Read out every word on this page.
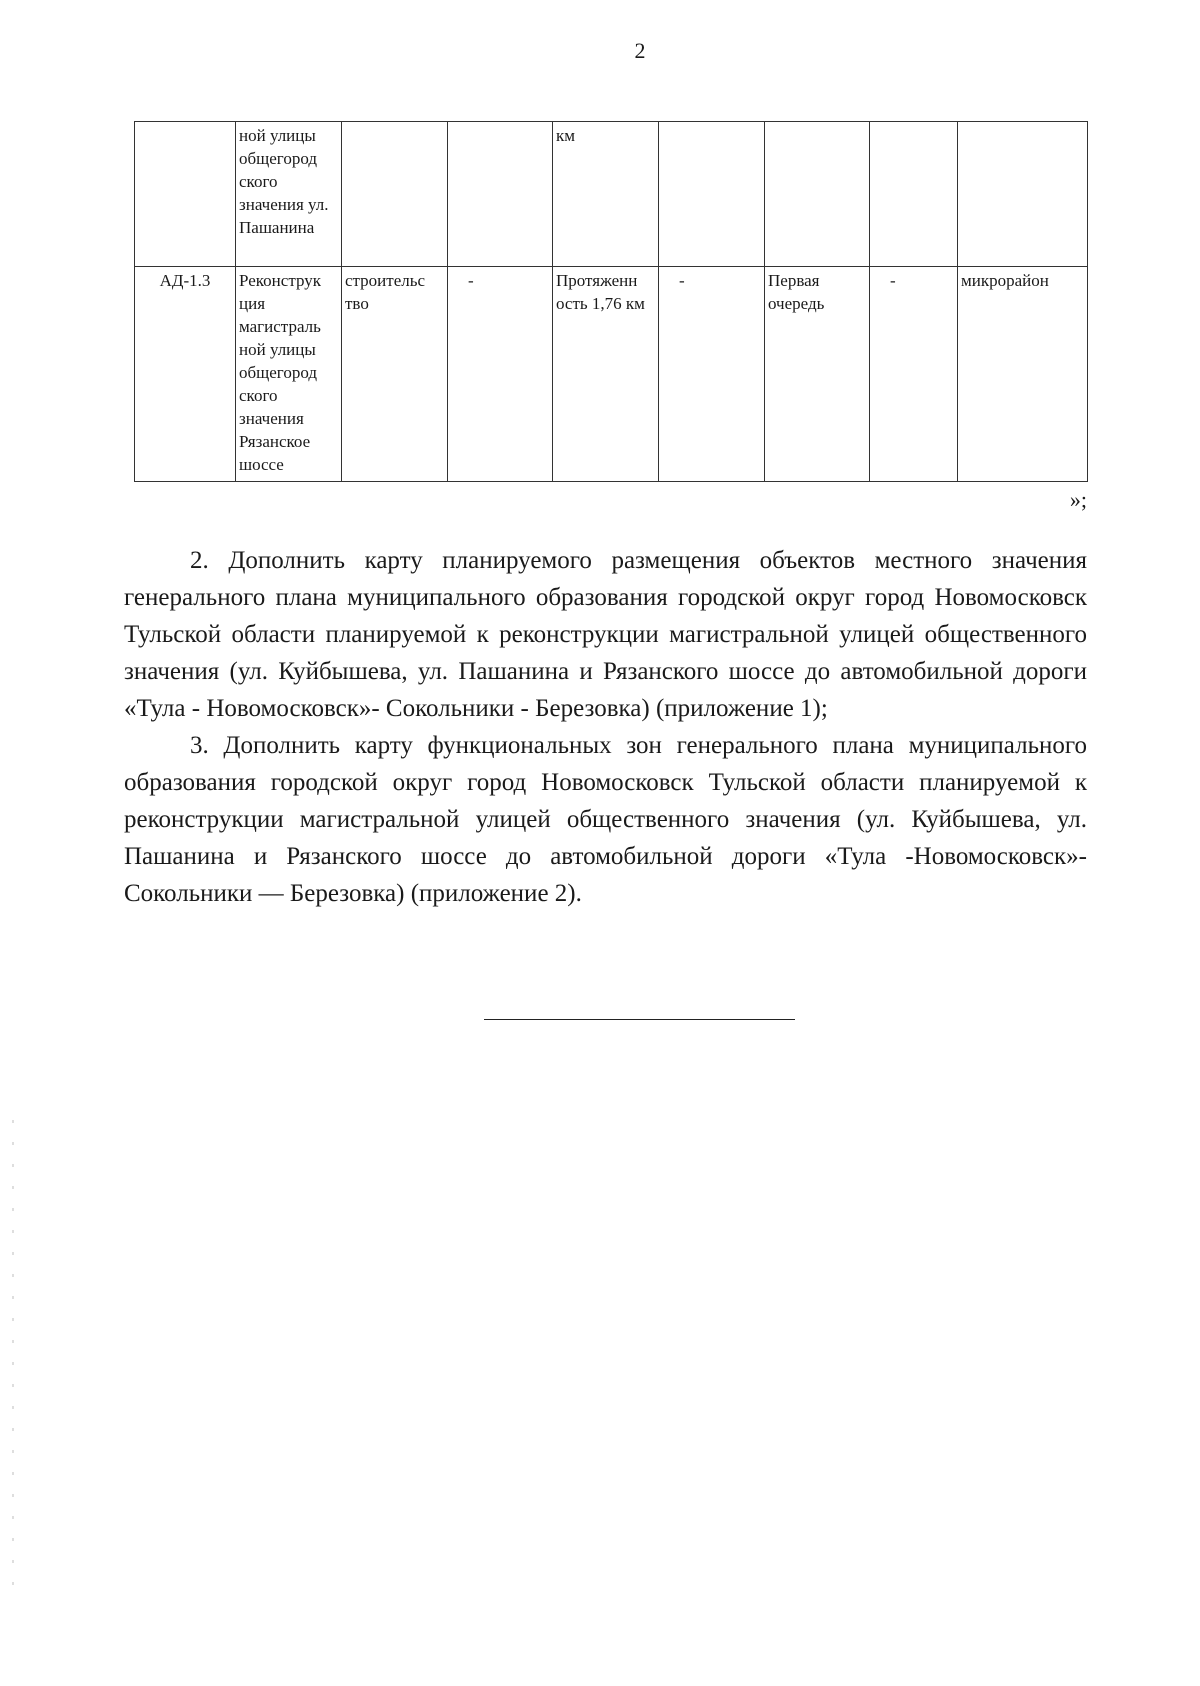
2
	ной улицы общегород ского значения ул. Пашанина			км				
АД-1.3	Реконструк ция магистраль ной улицы общегород ского значения Рязанское шоссе	строительс тво	-	Протяженн ость 1,76 км	-	Первая очередь	-	микрорайон
»;

2. Дополнить карту планируемого размещения объектов местного значения генерального плана муниципального образования городской округ город Новомосковск Тульской области планируемой к реконструкции магистральной улицей общественного значения (ул. Куйбышева, ул. Пашанина и Рязанского шоссе до автомобильной дороги «Тула - Новомосковск»- Сокольники - Березовка) (приложение 1);

3. Дополнить карту функциональных зон генерального плана муниципального образования городской округ город Новомосковск Тульской области планируемой к реконструкции магистральной улицей общественного значения (ул. Куйбышева, ул. Пашанина и Рязанского шоссе до автомобильной дороги «Тула -Новомосковск»- Сокольники — Березовка) (приложение 2).
